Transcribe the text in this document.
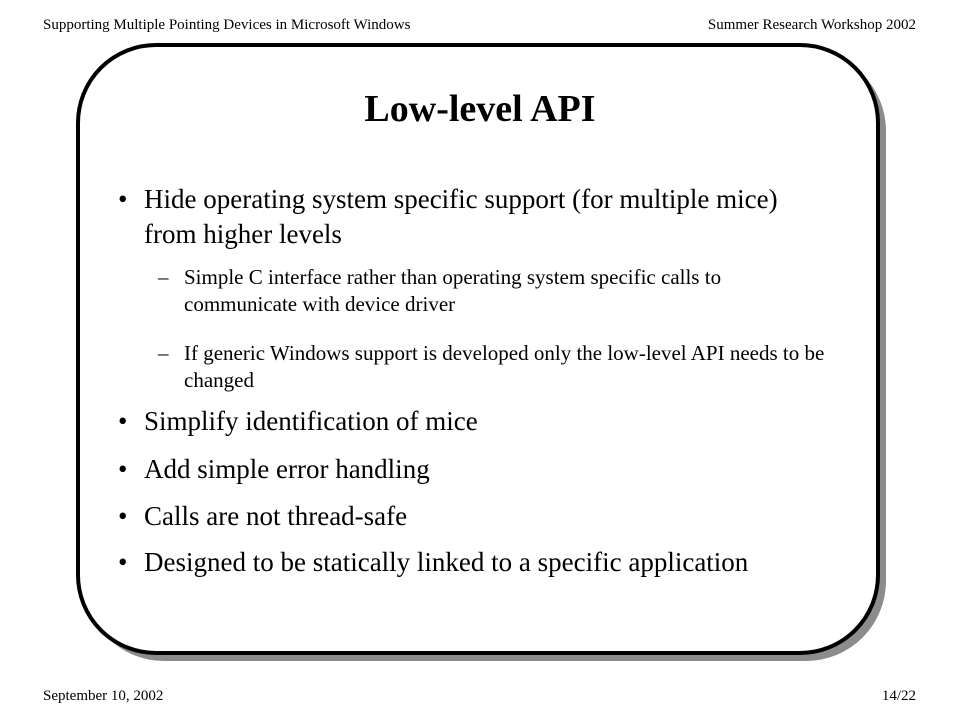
Supporting Multiple Pointing Devices in Microsoft Windows	Summer Research Workshop 2002
Low-level API
• Hide operating system specific support (for multiple mice) from higher levels
– Simple C interface rather than operating system specific calls to communicate with device driver
– If generic Windows support is developed only the low-level API needs to be changed
• Simplify identification of mice
• Add simple error handling
• Calls are not thread-safe
• Designed to be statically linked to a specific application
September 10, 2002	14/22
